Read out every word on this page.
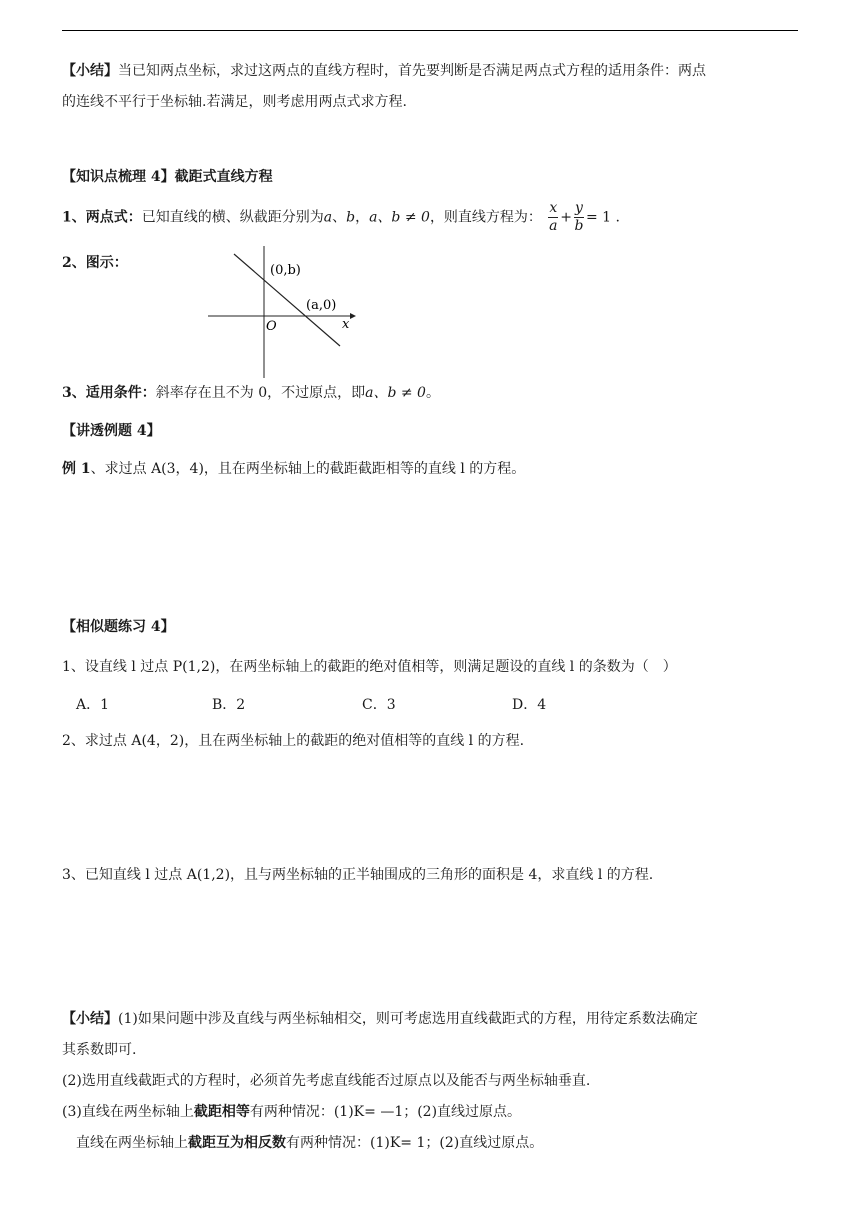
【小结】当已知两点坐标，求过这两点的直线方程时，首先要判断是否满足两点式方程的适用条件：两点
的连线不平行于坐标轴.若满足，则考虑用两点式求方程.
【知识点梳理 4】截距式直线方程
1、两点式：已知直线的横、纵截距分别为a、b，a、b ≠ 0，则直线方程为： $\frac{x}{a} + \frac{y}{b} = 1$ .
2、图示：	(0,b)
(a,0)
O	x
3、适用条件：斜率存在且不为 0，不过原点，即a、b ≠ 0。
【讲透例题 4】
例 1、求过点 A(3，4)，且在两坐标轴上的截距截距相等的直线 l 的方程。
【相似题练习 4】
1、设直线 l 过点 P(1,2)，在两坐标轴上的截距的绝对值相等，则满足题设的直线 l 的条数为（　）
A．1	B．2	C．3	D．4
2、求过点 A(4，2)，且在两坐标轴上的截距的绝对值相等的直线 l 的方程.
3、已知直线 l 过点 A(1,2)，且与两坐标轴的正半轴围成的三角形的面积是 4，求直线 l 的方程.
【小结】(1)如果问题中涉及直线与两坐标轴相交，则可考虑选用直线截距式的方程，用待定系数法确定
其系数即可.
(2)选用直线截距式的方程时，必须首先考虑直线能否过原点以及能否与两坐标轴垂直.
(3)直线在两坐标轴上截距相等有两种情况：(1)K= —1；(2)直线过原点。
直线在两坐标轴上截距互为相反数有两种情况：(1)K= 1；(2)直线过原点。
